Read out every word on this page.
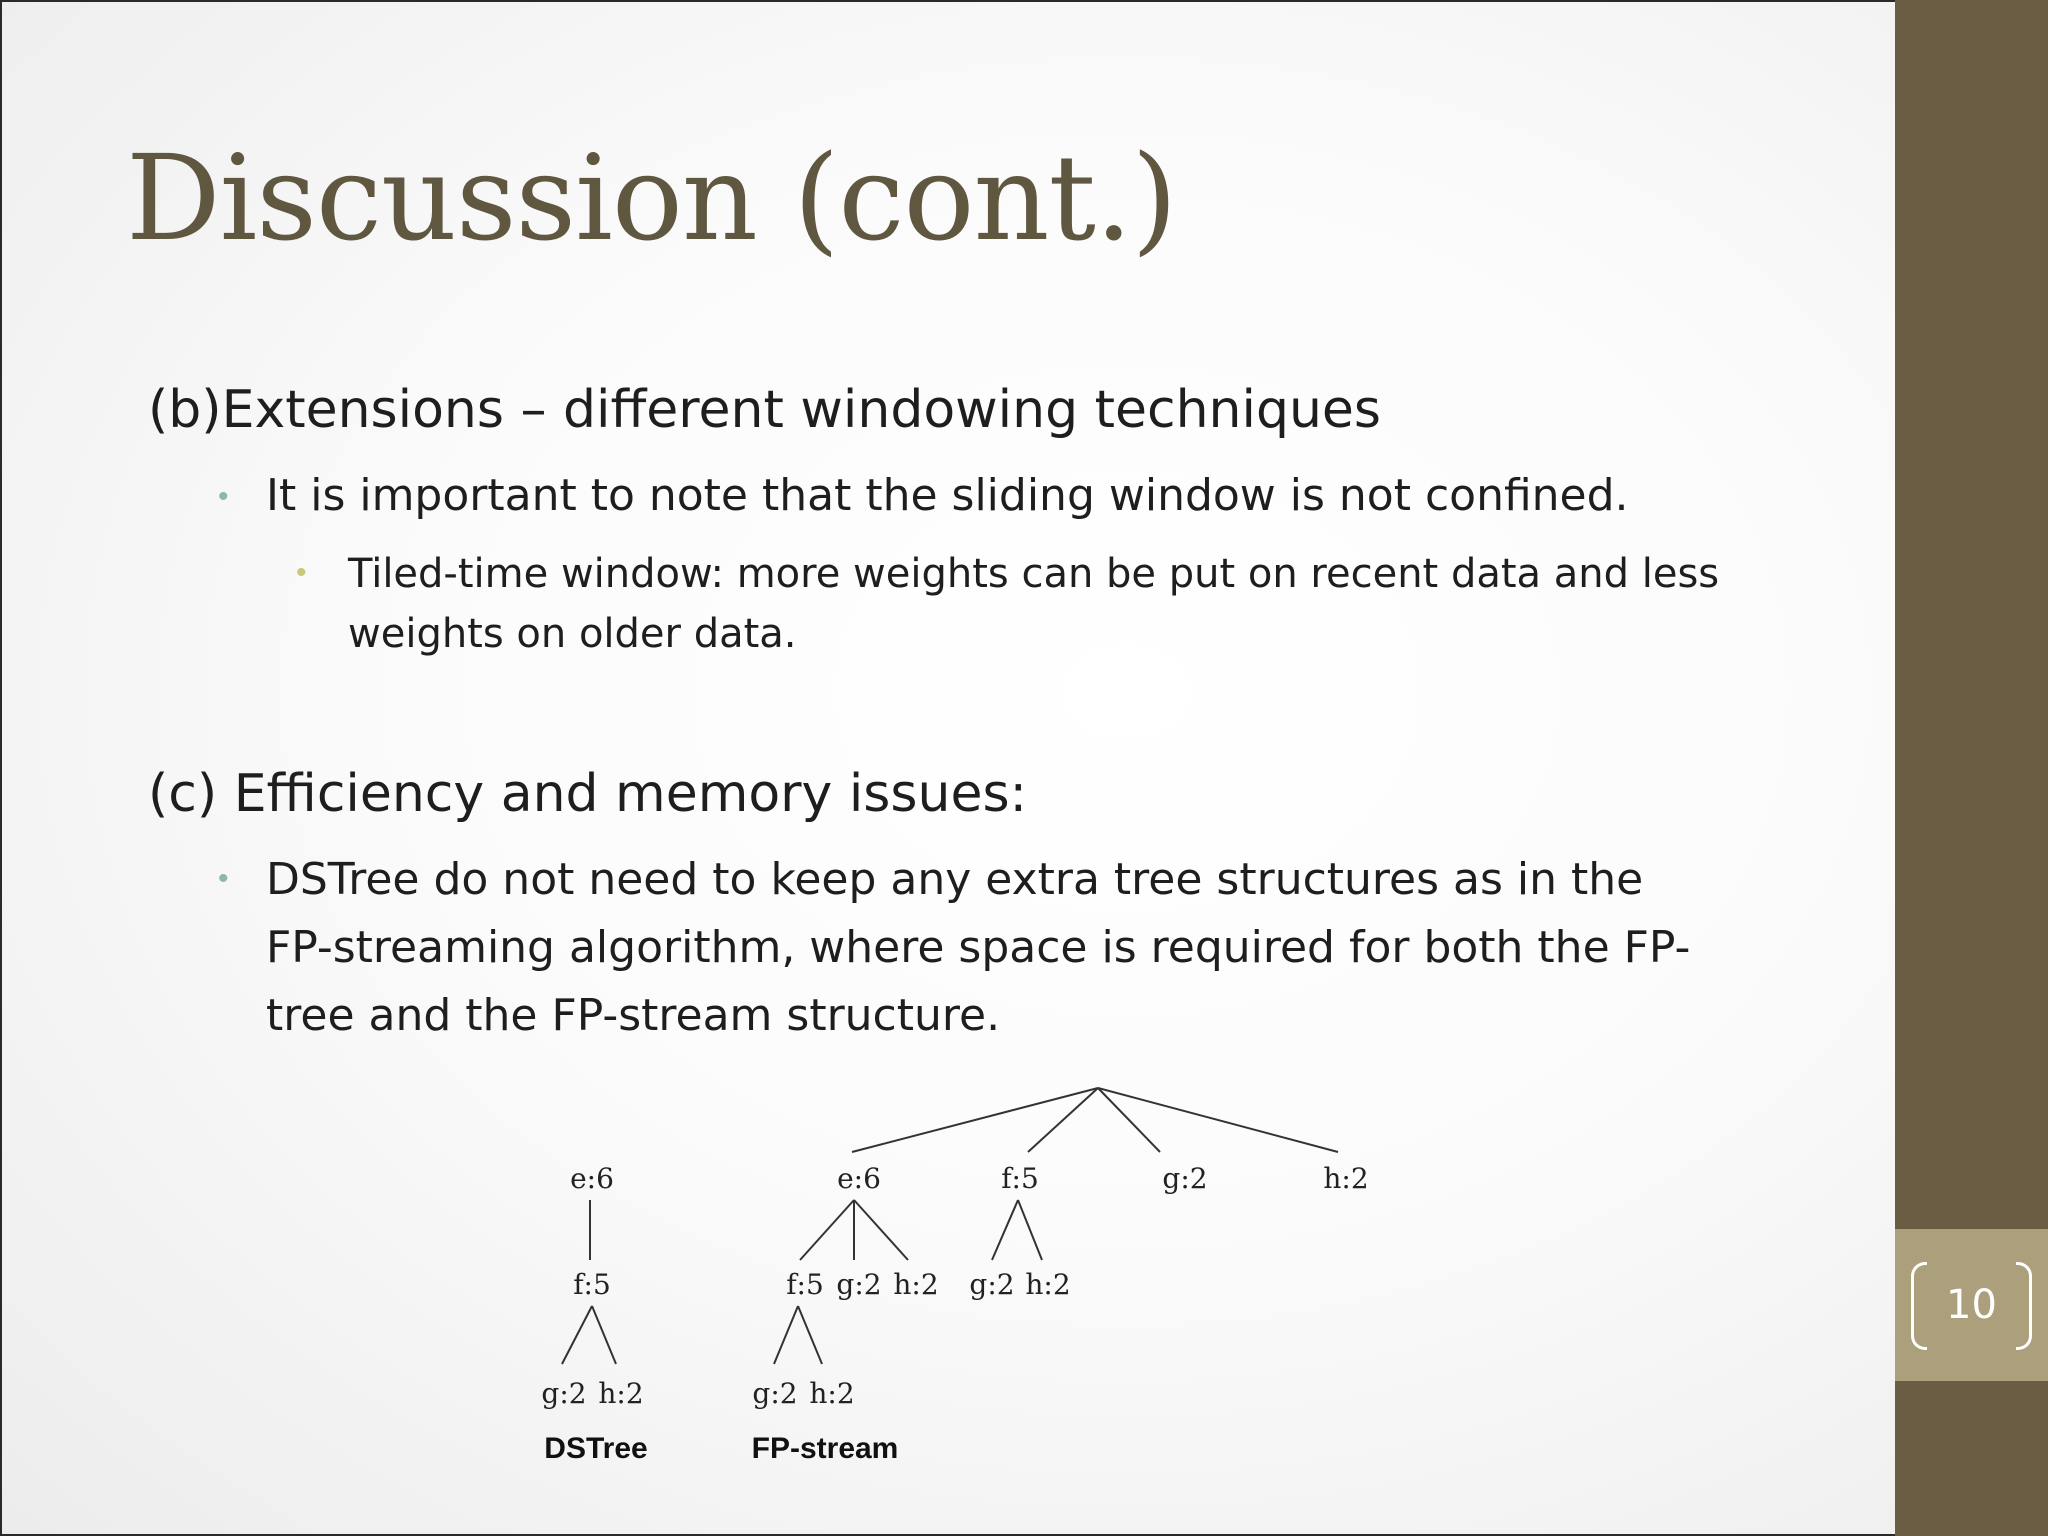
10
Discussion (cont.)

(b)Extensions – different windowing techniques

• It is important to note that the sliding window is not confined.

• Tiled-time window: more weights can be put on recent data and less

weights on older data.

(c) Efficiency and memory issues:

• DSTree do not need to keep any extra tree structures as in the

FP-streaming algorithm, where space is required for both the FP-

tree and the FP-stream structure.

e:6
f:5
g:2 h:2
DSTree
e:6	f:5	g:2	h:2
f:5 g:2 h:2 g:2 h:2
g:2 h:2
FP-stream
